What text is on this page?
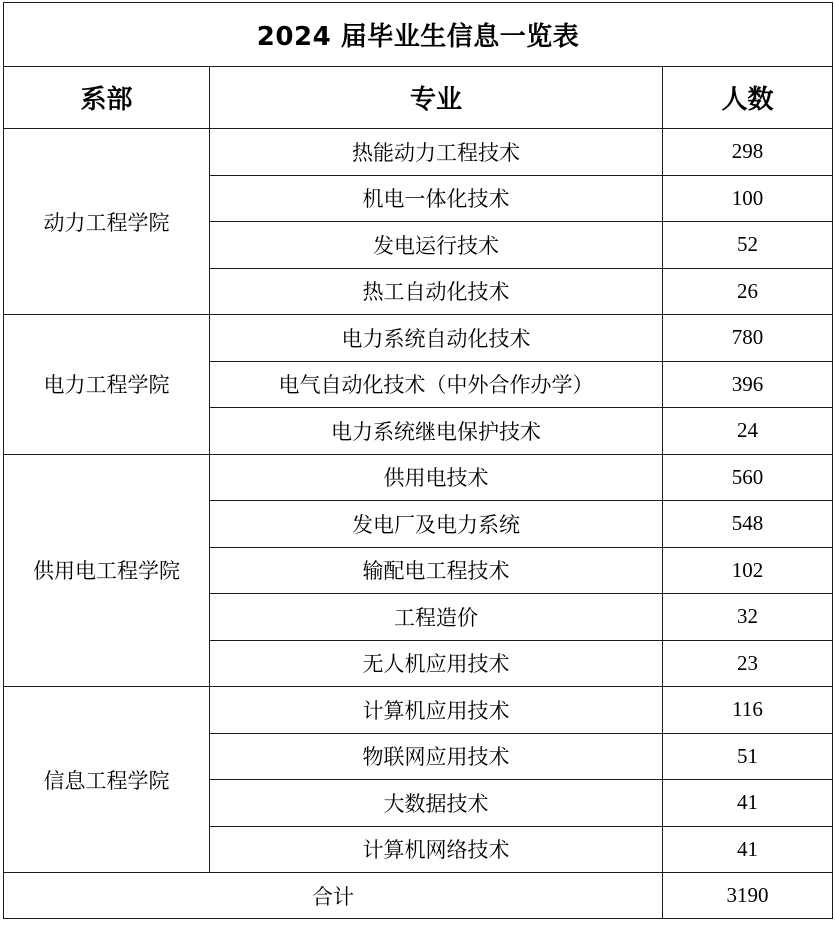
2024 届毕业生信息一览表		
系部	专业	人数
动力工程学院	热能动力工程技术	298
	机电一体化技术	100
	发电运行技术	52
	热工自动化技术	26
电力工程学院	电力系统自动化技术	780
	电气自动化技术（中外合作办学）	396
	电力系统继电保护技术	24
供用电工程学院	供用电技术	560
	发电厂及电力系统	548
	输配电工程技术	102
	工程造价	32
	无人机应用技术	23
信息工程学院	计算机应用技术	116
	物联网应用技术	51
	大数据技术	41
	计算机网络技术	41
合计		3190
